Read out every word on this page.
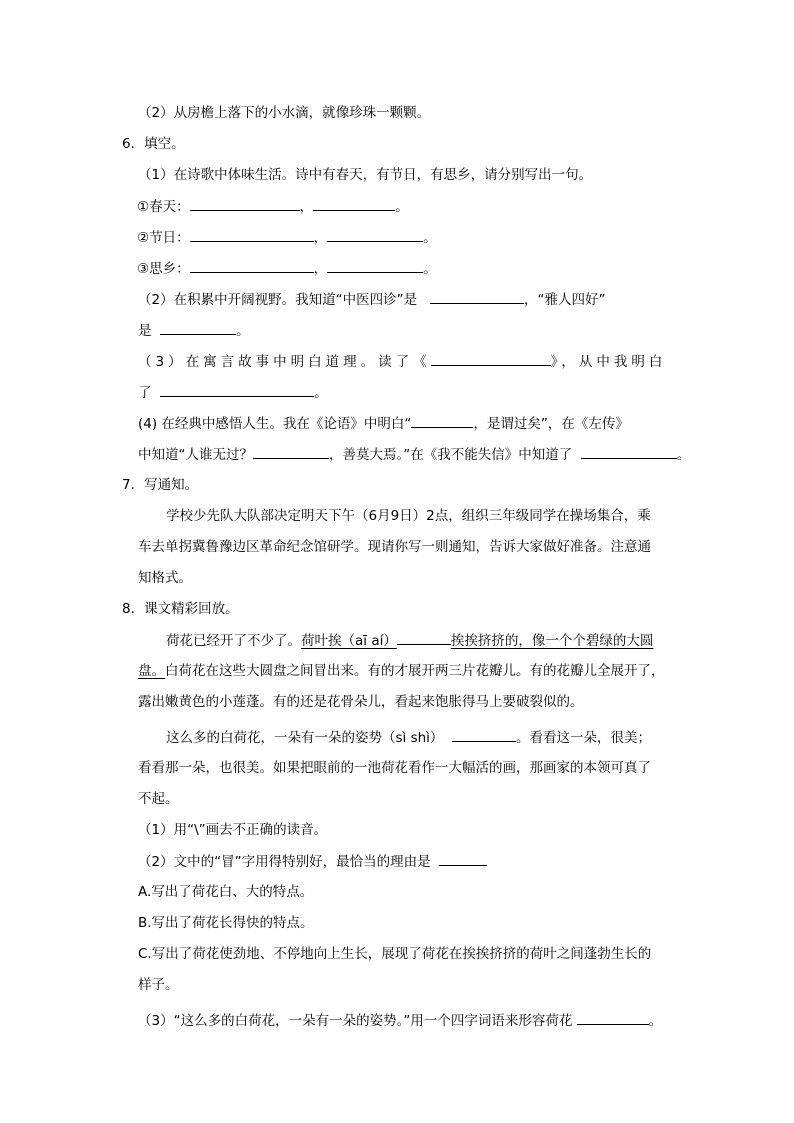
（2）从房檐上落下的小水滴，就像珍珠一颗颗。
6．填空。
（1）在诗歌中体味生活。诗中有春天，有节日，有思乡，请分别写出一句。
①春天：	，	。
②节日：	，	。
③思乡：	，	。
（2）在积累中开阔视野。我知道“中医四诊”是	，“雅人四好”
是	。
（3）在寓言故事中明白道理。读了《	》，从中我明白
了	。
(4) 在经典中感悟人生。我在《论语》中明白“	，是谓过矣”，在《左传》
中知道“人谁无过？	，善莫大焉。”在《我不能失信》中知道了	。
7．写通知。
学校少先队大队部决定明天下午（6月9日）2点，组织三年级同学在操场集合，乘
车去单拐冀鲁豫边区革命纪念馆研学。现请你写一则通知，告诉大家做好准备。注意通
知格式。
8．课文精彩回放。
荷花已经开了不少了。荷叶挨（aī aí）	挨挨挤挤的，像一个个碧绿的大圆
盘。白荷花在这些大圆盘之间冒出来。有的才展开两三片花瓣儿。有的花瓣儿全展开了，
露出嫩黄色的小莲蓬。有的还是花骨朵儿，看起来饱胀得马上要破裂似的。
这么多的白荷花，一朵有一朵的姿势（sì shì）	。看看这一朵，很美；
看看那一朵，也很美。如果把眼前的一池荷花看作一大幅活的画，那画家的本领可真了
不起。
（1）用“\”画去不正确的读音。
（2）文中的“冒”字用得特别好，最恰当的理由是
A.写出了荷花白、大的特点。
B.写出了荷花长得快的特点。
C.写出了荷花使劲地、不停地向上生长，展现了荷花在挨挨挤挤的荷叶之间蓬勃生长的
样子。
（3）“这么多的白荷花，一朵有一朵的姿势。”用一个四字词语来形容荷花	。
